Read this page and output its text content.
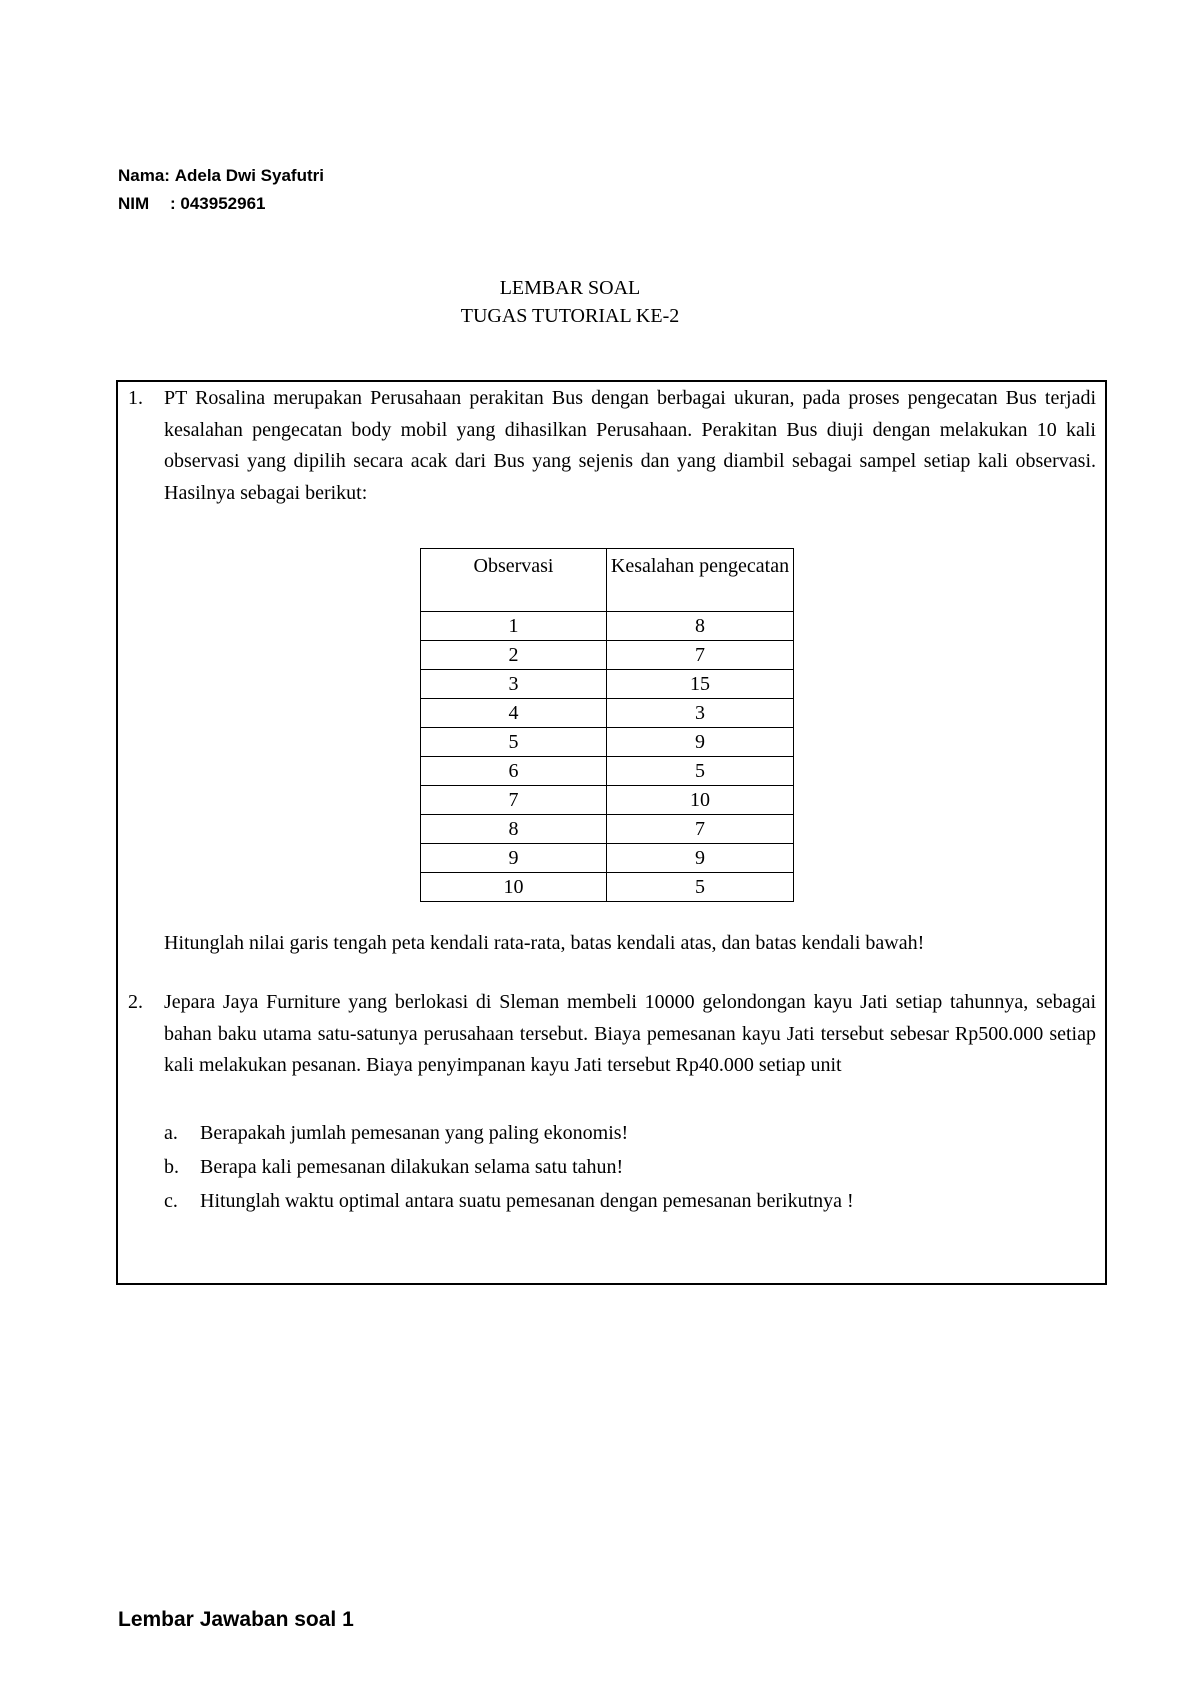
Nama:
Adela Dwi Syafutri
NIM	: 043952961
LEMBAR SOAL
TUGAS TUTORIAL KE-2
1. PT Rosalina merupakan Perusahaan perakitan Bus dengan berbagai ukuran, pada proses pengecatan Bus terjadi kesalahan pengecatan body mobil yang dihasilkan Perusahaan. Perakitan Bus diuji dengan melakukan 10 kali observasi yang dipilih secara acak dari Bus yang sejenis dan yang diambil sebagai sampel setiap kali observasi. Hasilnya sebagai berikut:
Observasi	Kesalahan pengecatan
1	8
2	7
3	15
4	3
5	9
6	5
7	10
8	7
9	9
10	5
Hitunglah nilai garis tengah peta kendali rata-rata, batas kendali atas, dan batas kendali bawah!
2. Jepara Jaya Furniture yang berlokasi di Sleman membeli 10000 gelondongan kayu Jati setiap tahunnya, sebagai bahan baku utama satu-satunya perusahaan tersebut. Biaya pemesanan kayu Jati tersebut sebesar Rp500.000 setiap kali melakukan pesanan. Biaya penyimpanan kayu Jati tersebut Rp40.000 setiap unit
a.	Berapakah jumlah pemesanan yang paling ekonomis!
b.	Berapa kali pemesanan dilakukan selama satu tahun!
c.	Hitunglah waktu optimal antara suatu pemesanan dengan pemesanan berikutnya !
Lembar Jawaban soal 1
